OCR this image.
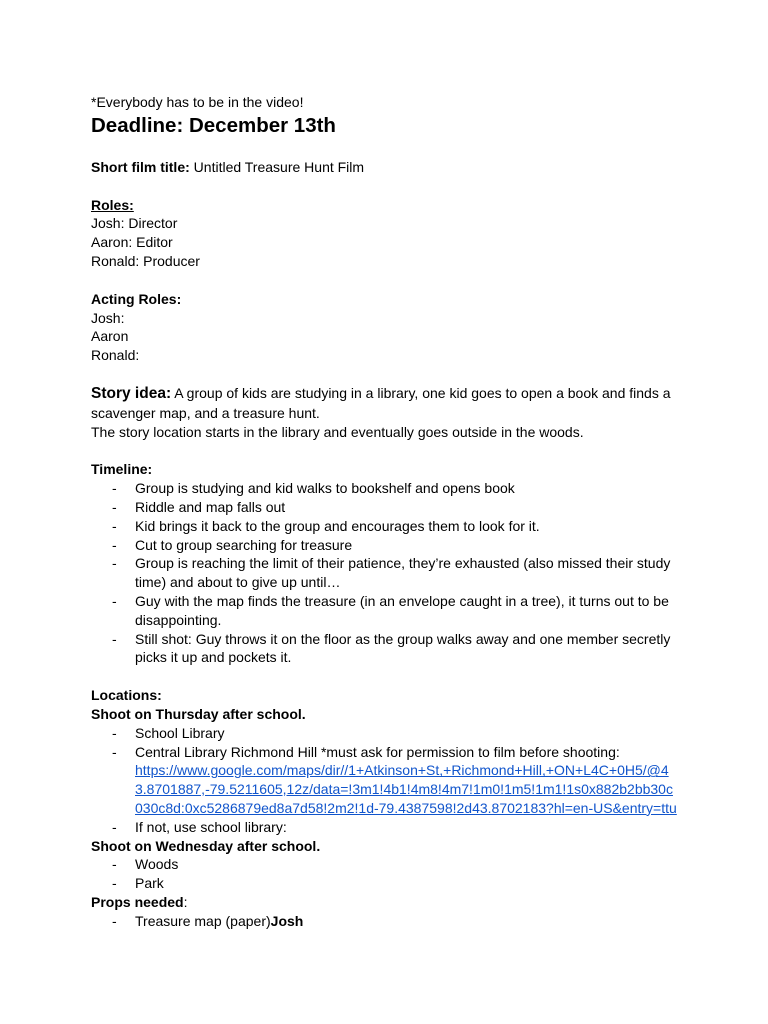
*Everybody has to be in the video!
Deadline: December 13th
Short film title: Untitled Treasure Hunt Film
Roles:
Josh: Director
Aaron: Editor
Ronald: Producer
Acting Roles:
Josh:
Aaron
Ronald:
Story idea: A group of kids are studying in a library, one kid goes to open a book and finds a scavenger map, and a treasure hunt.
The story location starts in the library and eventually goes outside in the woods.
Timeline:
- Group is studying and kid walks to bookshelf and opens book
- Riddle and map falls out
- Kid brings it back to the group and encourages them to look for it.
- Cut to group searching for treasure
- Group is reaching the limit of their patience, they’re exhausted (also missed their study time) and about to give up until…
- Guy with the map finds the treasure (in an envelope caught in a tree), it turns out to be disappointing.
- Still shot: Guy throws it on the floor as the group walks away and one member secretly picks it up and pockets it.
Locations:
Shoot on Thursday after school.
- School Library
- Central Library Richmond Hill *must ask for permission to film before shooting:
https://www.google.com/maps/dir//1+Atkinson+St,+Richmond+Hill,+ON+L4C+0H5/@43.8701887,-79.5211605,12z/data=!3m1!4b1!4m8!4m7!1m0!1m5!1m1!1s0x882b2bb30c030c8d:0xc5286879ed8a7d58!2m2!1d-79.4387598!2d43.8702183?hl=en-US&entry=ttu
- If not, use school library:
Shoot on Wednesday after school.
- Woods
- Park
Props needed:
- Treasure map (paper)Josh
